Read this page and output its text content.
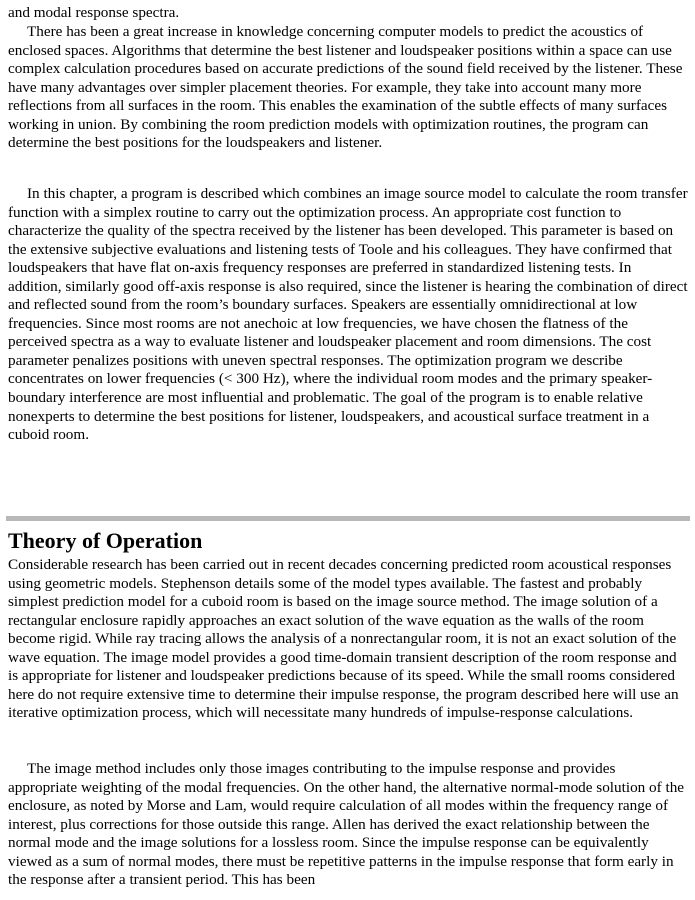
and modal response spectra.

There has been a great increase in knowledge concerning computer models to predict the acoustics of enclosed spaces. Algorithms that determine the best listener and loudspeaker positions within a space can use complex calculation procedures based on accurate predictions of the sound field received by the listener. These have many advantages over simpler placement theories. For example, they take into account many more reflections from all surfaces in the room. This enables the examination of the subtle effects of many surfaces working in union. By combining the room prediction models with optimization routines, the program can determine the best positions for the loudspeakers and listener.

In this chapter, a program is described which combines an image source model to calculate the room transfer function with a simplex routine to carry out the optimization process. An appropriate cost function to characterize the quality of the spectra received by the listener has been developed. This parameter is based on the extensive subjective evaluations and listening tests of Toole and his colleagues. They have confirmed that loudspeakers that have flat on-axis frequency responses are preferred in standardized listening tests. In addition, similarly good off-axis response is also required, since the listener is hearing the combination of direct and reflected sound from the room’s boundary surfaces. Speakers are essentially omnidirectional at low frequencies. Since most rooms are not anechoic at low frequencies, we have chosen the flatness of the perceived spectra as a way to evaluate listener and loudspeaker placement and room dimensions. The cost parameter penalizes positions with uneven spectral responses. The optimization program we describe concentrates on lower frequencies (< 300 Hz), where the individual room modes and the primary speaker-boundary interference are most influential and problematic. The goal of the program is to enable relative nonexperts to determine the best positions for listener, loudspeakers, and acoustical surface treatment in a cuboid room.

Theory of Operation

Considerable research has been carried out in recent decades concerning predicted room acoustical responses using geometric models. Stephenson details some of the model types available. The fastest and probably simplest prediction model for a cuboid room is based on the image source method. The image solution of a rectangular enclosure rapidly approaches an exact solution of the wave equation as the walls of the room become rigid. While ray tracing allows the analysis of a nonrectangular room, it is not an exact solution of the wave equation. The image model provides a good time-domain transient description of the room response and is appropriate for listener and loudspeaker predictions because of its speed. While the small rooms considered here do not require extensive time to determine their impulse response, the program described here will use an iterative optimization process, which will necessitate many hundreds of impulse-response calculations.

The image method includes only those images contributing to the impulse response and provides appropriate weighting of the modal frequencies. On the other hand, the alternative normal-mode solution of the enclosure, as noted by Morse and Lam, would require calculation of all modes within the frequency range of interest, plus corrections for those outside this range. Allen has derived the exact relationship between the normal mode and the image solutions for a lossless room. Since the impulse response can be equivalently viewed as a sum of normal modes, there must be repetitive patterns in the impulse response that form early in the response after a transient period. This has been
